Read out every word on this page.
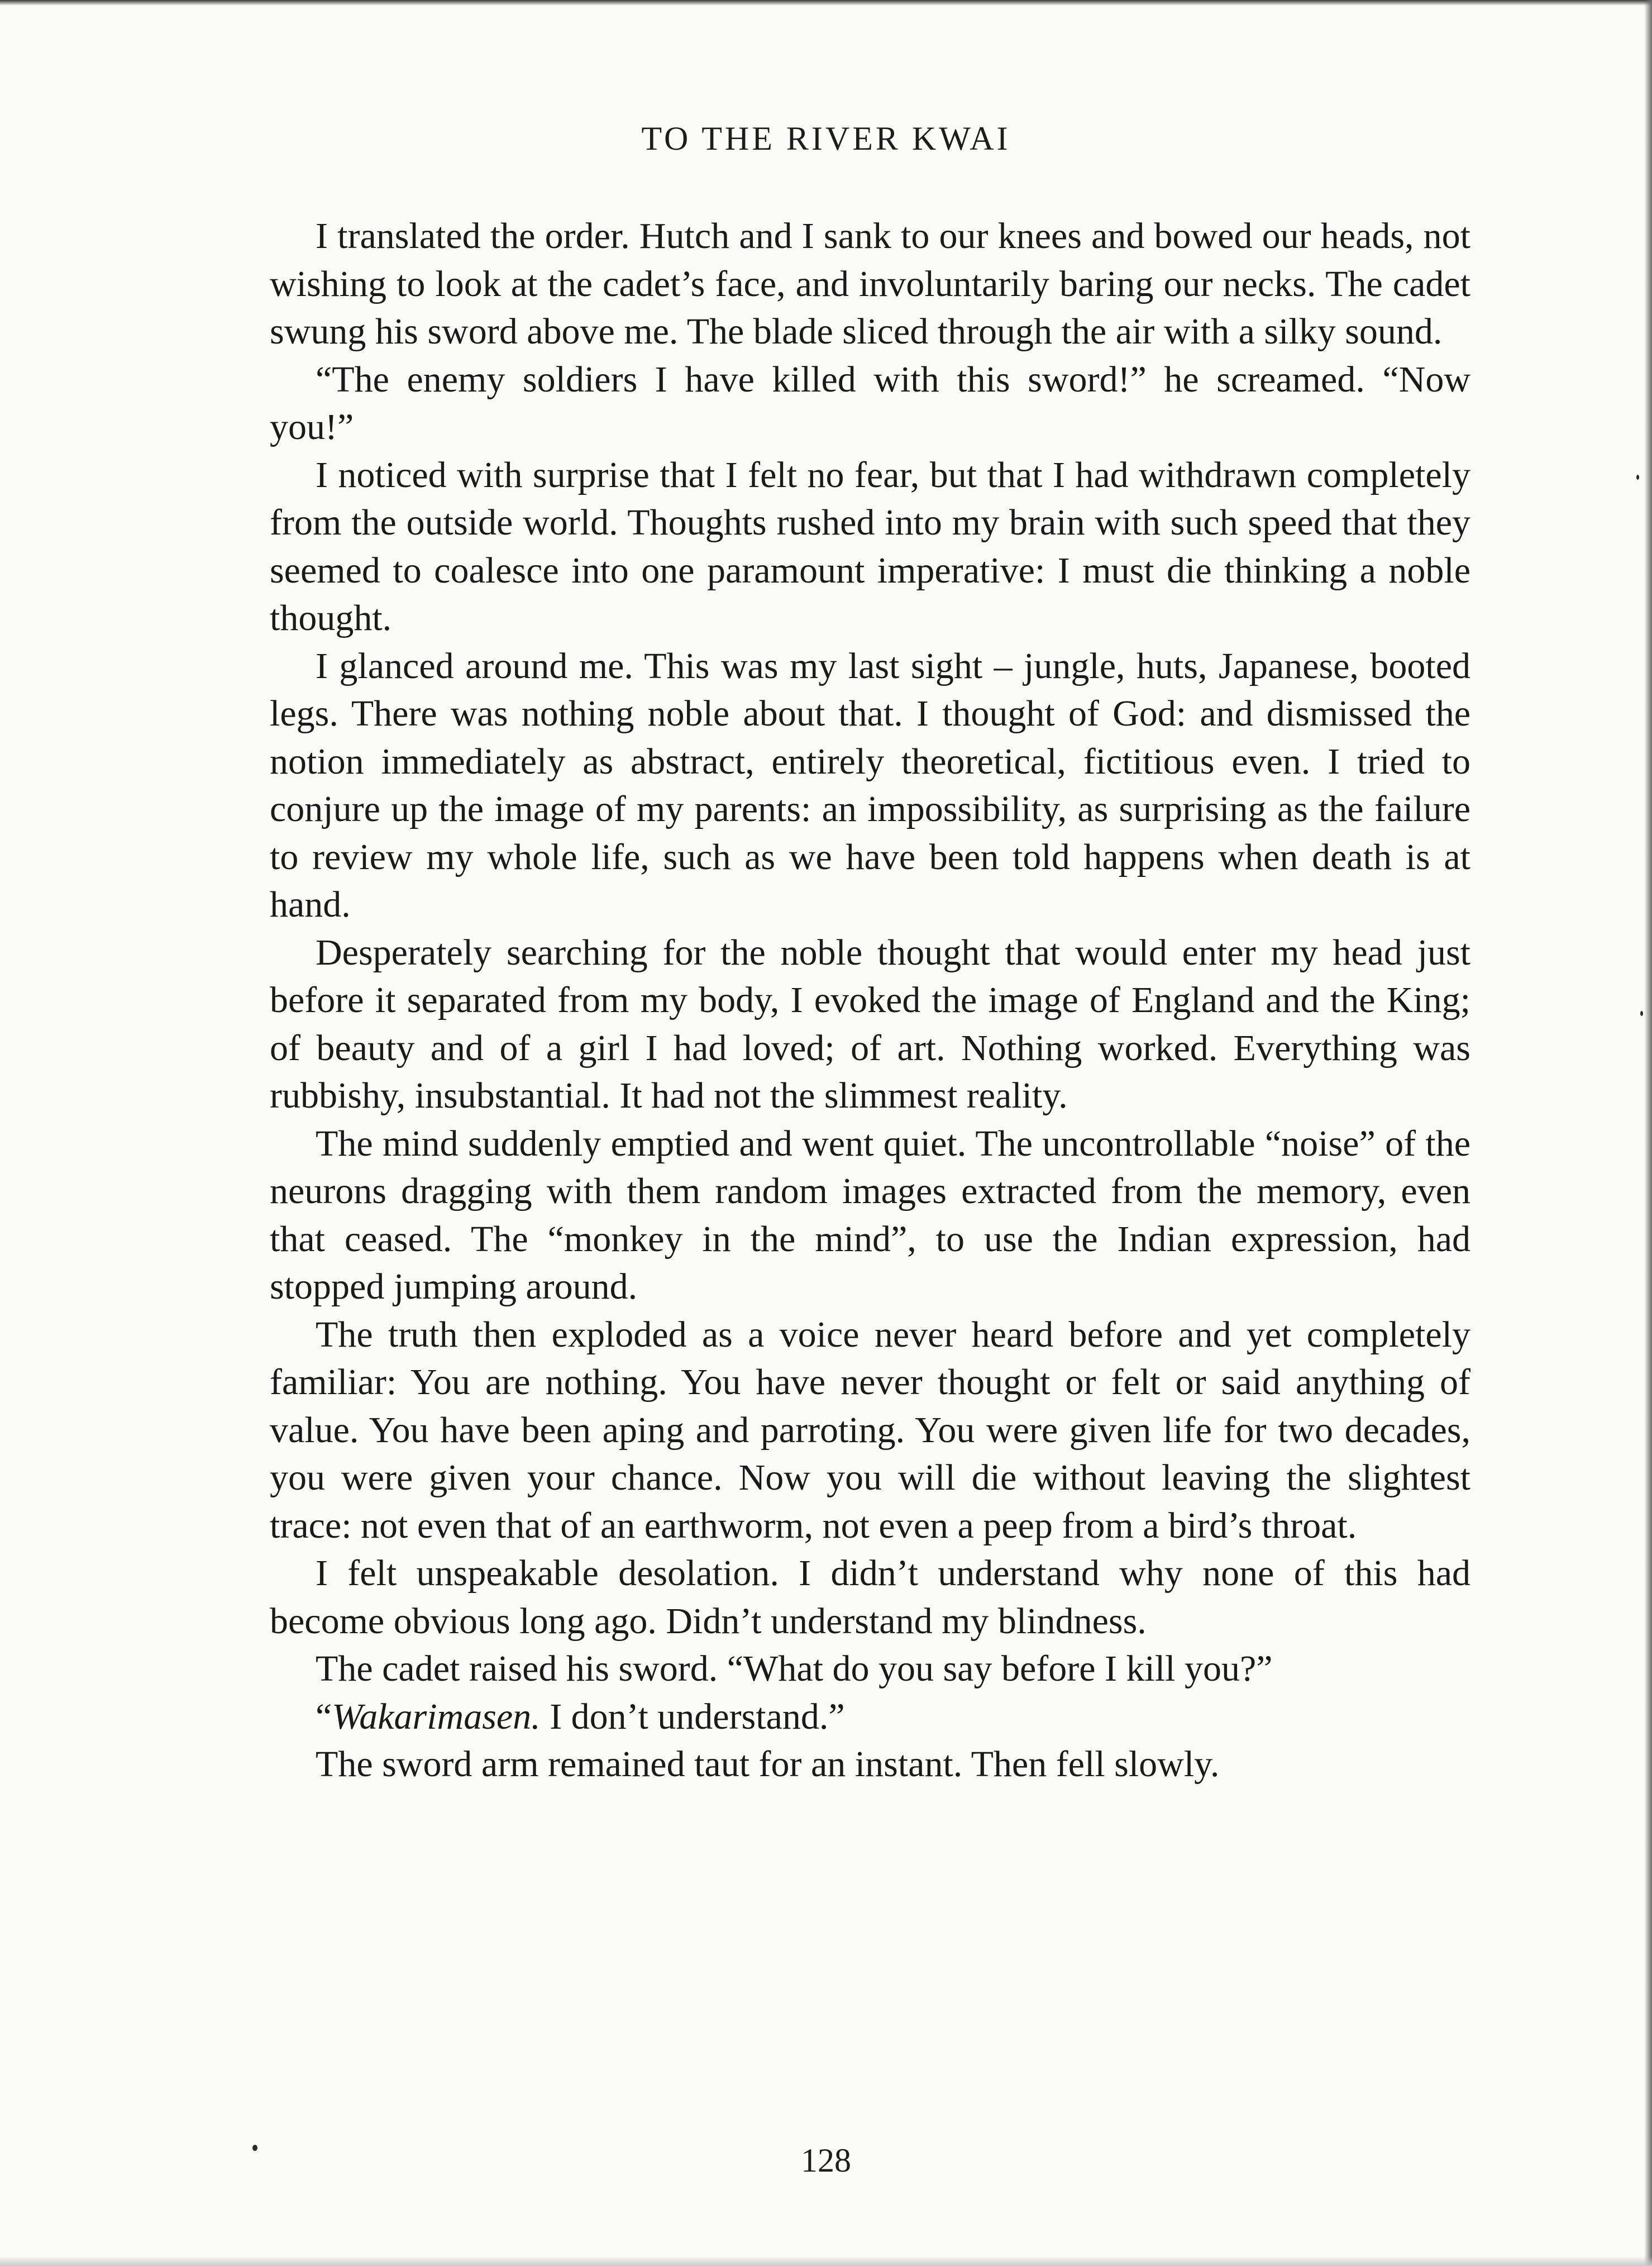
TO THE RIVER KWAI

I translated the order. Hutch and I sank to our knees and bowed our heads, not wishing to look at the cadet’s face, and involuntarily baring our necks. The cadet swung his sword above me. The blade sliced through the air with a silky sound.

“The enemy soldiers I have killed with this sword!” he screamed. “Now you!”

I noticed with surprise that I felt no fear, but that I had withdrawn completely from the outside world. Thoughts rushed into my brain with such speed that they seemed to coalesce into one paramount imperative: I must die thinking a noble thought.

I glanced around me. This was my last sight – jungle, huts, Japanese, booted legs. There was nothing noble about that. I thought of God: and dismissed the notion immediately as abstract, entirely theoretical, fictitious even. I tried to conjure up the image of my parents: an impossibility, as surprising as the failure to review my whole life, such as we have been told happens when death is at hand.

Desperately searching for the noble thought that would enter my head just before it separated from my body, I evoked the image of England and the King; of beauty and of a girl I had loved; of art. Nothing worked. Everything was rubbishy, insubstantial. It had not the slimmest reality.

The mind suddenly emptied and went quiet. The uncontrollable “noise” of the neurons dragging with them random images extracted from the memory, even that ceased. The “monkey in the mind”, to use the Indian expression, had stopped jumping around.

The truth then exploded as a voice never heard before and yet completely familiar: You are nothing. You have never thought or felt or said anything of value. You have been aping and parroting. You were given life for two decades, you were given your chance. Now you will die without leaving the slightest trace: not even that of an earthworm, not even a peep from a bird’s throat.

I felt unspeakable desolation. I didn’t understand why none of this had become obvious long ago. Didn’t understand my blindness.

The cadet raised his sword. “What do you say before I kill you?”

“Wakarimasen. I don’t understand.”

The sword arm remained taut for an instant. Then fell slowly.

128
